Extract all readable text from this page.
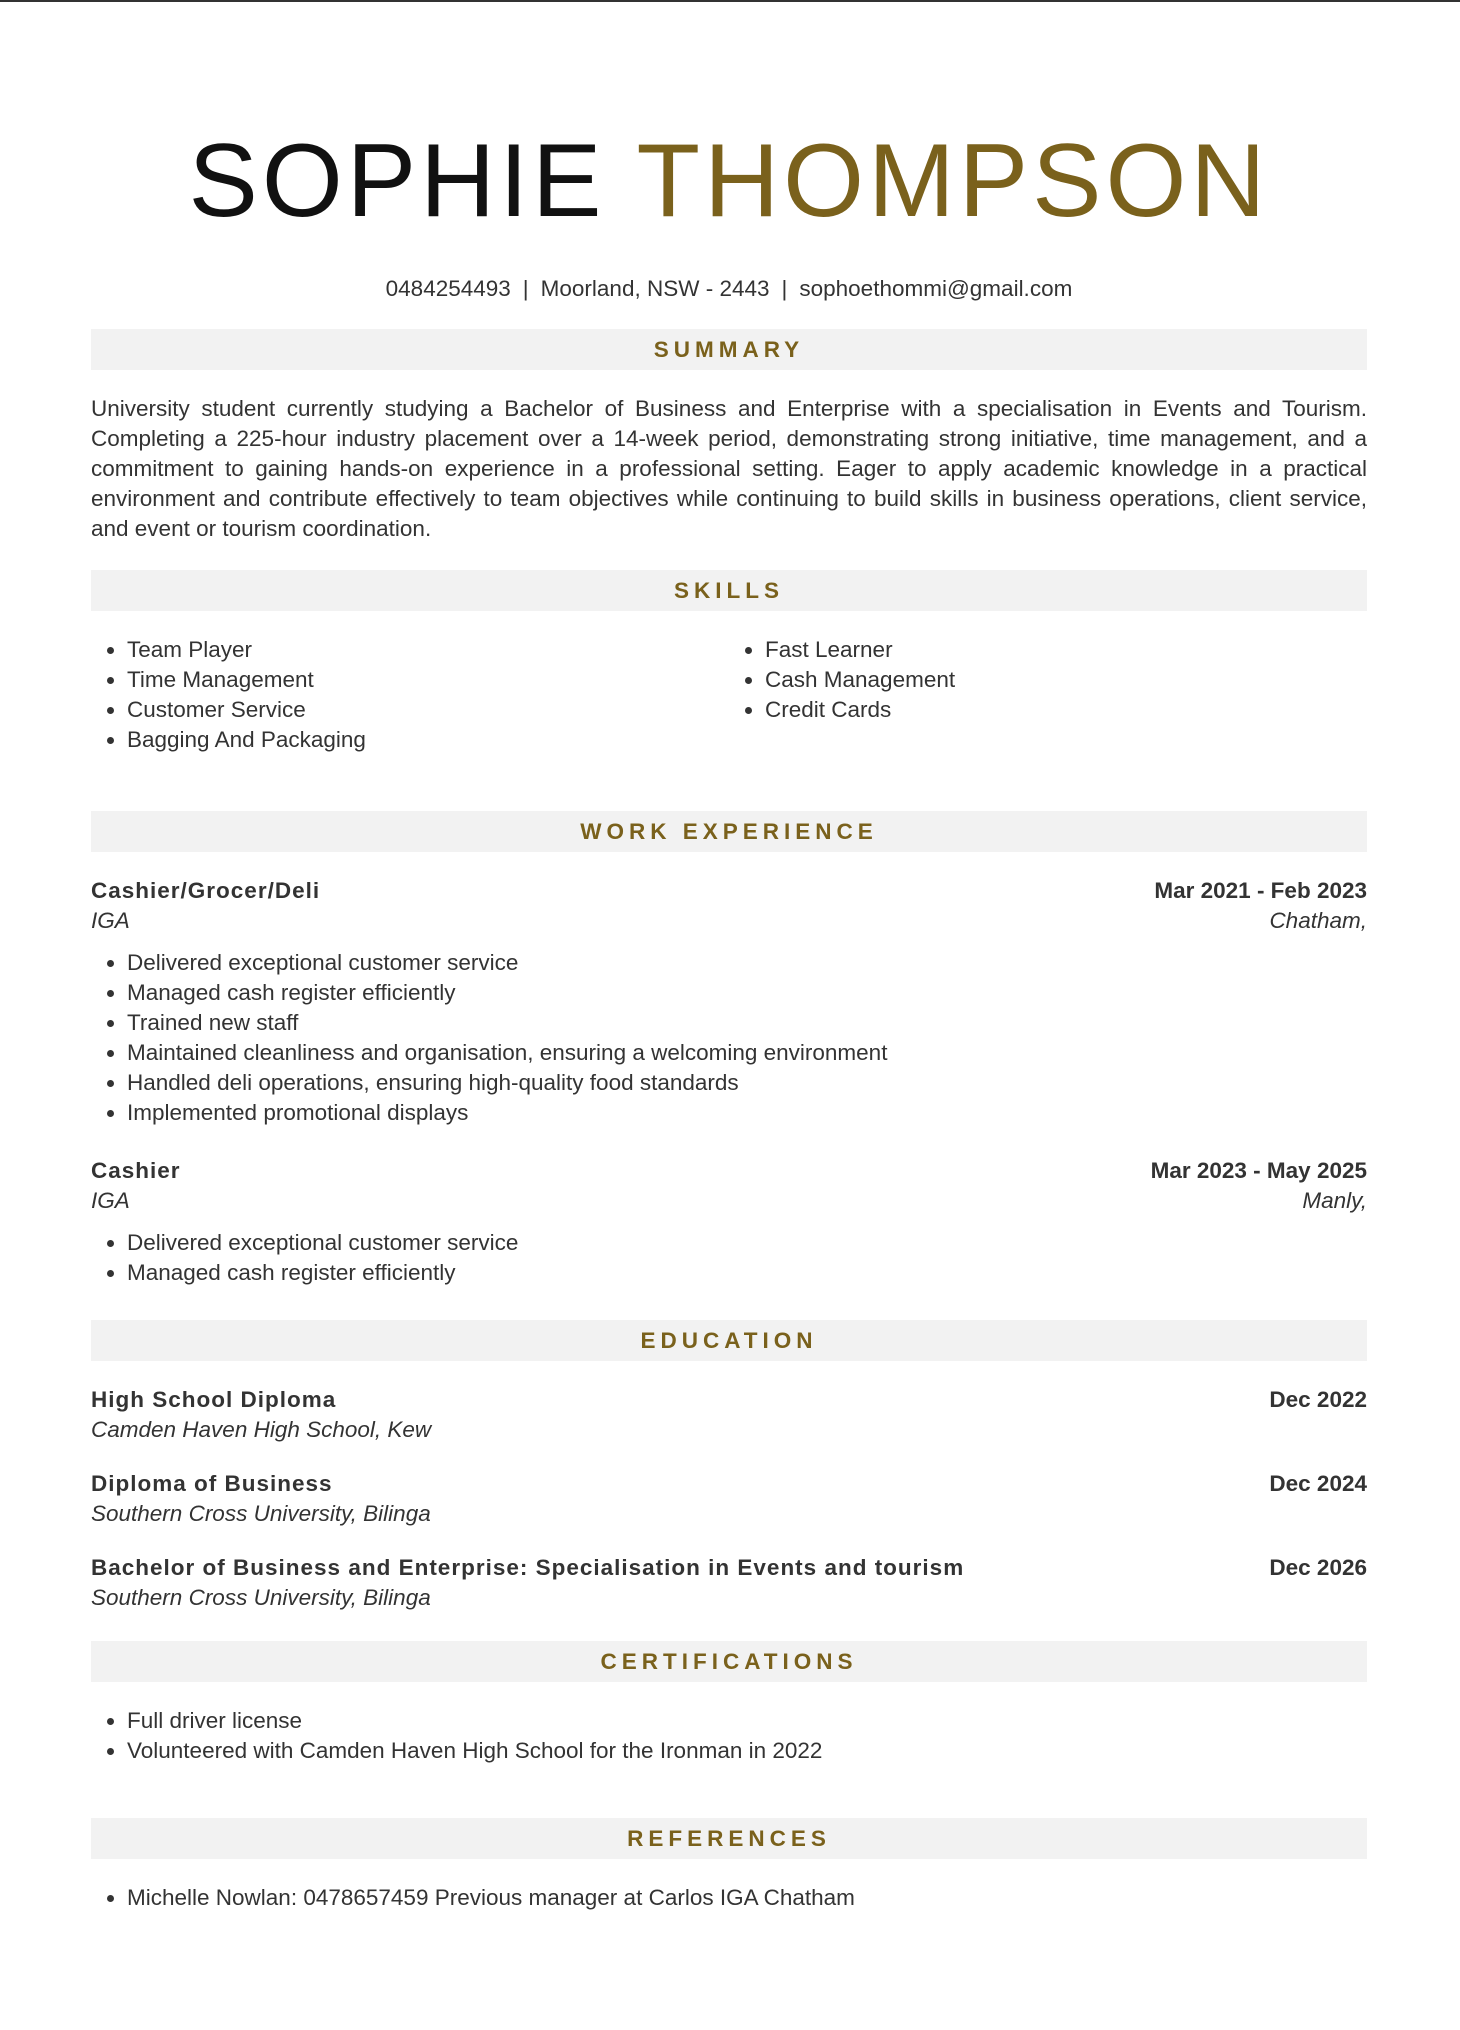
SOPHIE THOMPSON
0484254493 | Moorland, NSW - 2443 | sophoethommi@gmail.com
SUMMARY

University student currently studying a Bachelor of Business and Enterprise with a specialisation in Events and Tourism. Completing a 225-hour industry placement over a 14-week period, demonstrating strong initiative, time management, and a commitment to gaining hands-on experience in a professional setting. Eager to apply academic knowledge in a practical environment and contribute effectively to team objectives while continuing to build skills in business operations, client service, and event or tourism coordination.

SKILLS
• Team Player
• Time Management
• Customer Service
• Bagging And Packaging
• Fast Learner
• Cash Management
• Credit Cards
WORK EXPERIENCE
Cashier/Grocer/Deli	Mar 2021 - Feb 2023
IGA	Chatham,
• Delivered exceptional customer service
• Managed cash register efficiently
• Trained new staff
• Maintained cleanliness and organisation, ensuring a welcoming environment
• Handled deli operations, ensuring high-quality food standards
• Implemented promotional displays
Cashier	Mar 2023 - May 2025
IGA	Manly,
• Delivered exceptional customer service
• Managed cash register efficiently
EDUCATION
High School Diploma	Dec 2022
Camden Haven High School, Kew
Diploma of Business	Dec 2024
Southern Cross University, Bilinga
Bachelor of Business and Enterprise: Specialisation in Events and tourism	Dec 2026
Southern Cross University, Bilinga
CERTIFICATIONS
• Full driver license
• Volunteered with Camden Haven High School for the Ironman in 2022
REFERENCES
• Michelle Nowlan: 0478657459 Previous manager at Carlos IGA Chatham
